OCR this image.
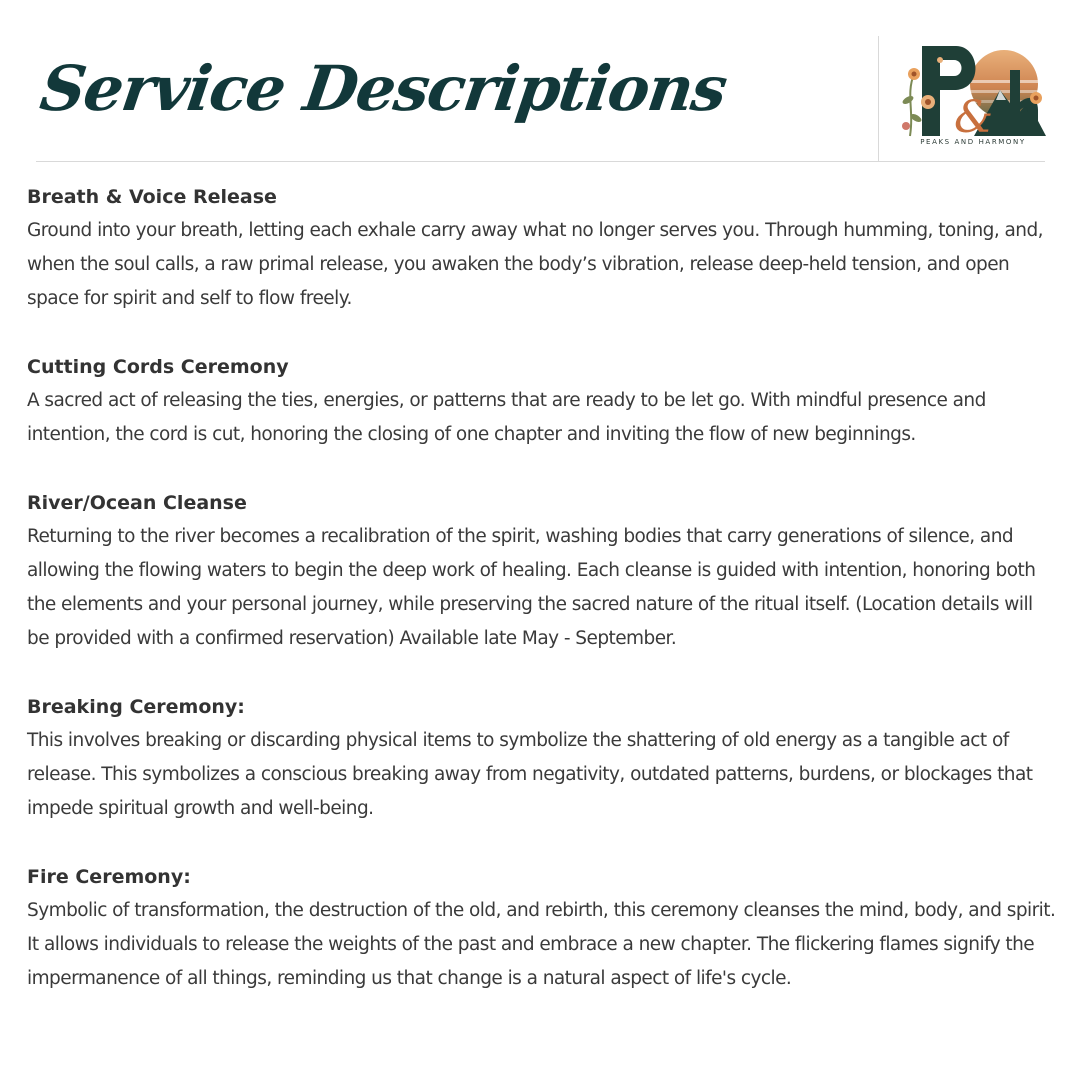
Service Descriptions	&
PEAKS AND HARMONY

Breath & Voice Release

Ground into your breath, letting each exhale carry away what no longer serves you. Through humming, toning, and, when the soul calls, a raw primal release, you awaken the body’s vibration, release deep-held tension, and open space for spirit and self to flow freely.

Cutting Cords Ceremony

A sacred act of releasing the ties, energies, or patterns that are ready to be let go. With mindful presence and intention, the cord is cut, honoring the closing of one chapter and inviting the flow of new beginnings.

River/Ocean Cleanse

Returning to the river becomes a recalibration of the spirit, washing bodies that carry generations of silence, and allowing the flowing waters to begin the deep work of healing. Each cleanse is guided with intention, honoring both the elements and your personal journey, while preserving the sacred nature of the ritual itself. (Location details will be provided with a confirmed reservation) Available late May - September.

Breaking Ceremony:

This involves breaking or discarding physical items to symbolize the shattering of old energy as a tangible act of release. This symbolizes a conscious breaking away from negativity, outdated patterns, burdens, or blockages that impede spiritual growth and well-being.

Fire Ceremony:

Symbolic of transformation, the destruction of the old, and rebirth, this ceremony cleanses the mind, body, and spirit. It allows individuals to release the weights of the past and embrace a new chapter. The flickering flames signify the impermanence of all things, reminding us that change is a natural aspect of life's cycle.
